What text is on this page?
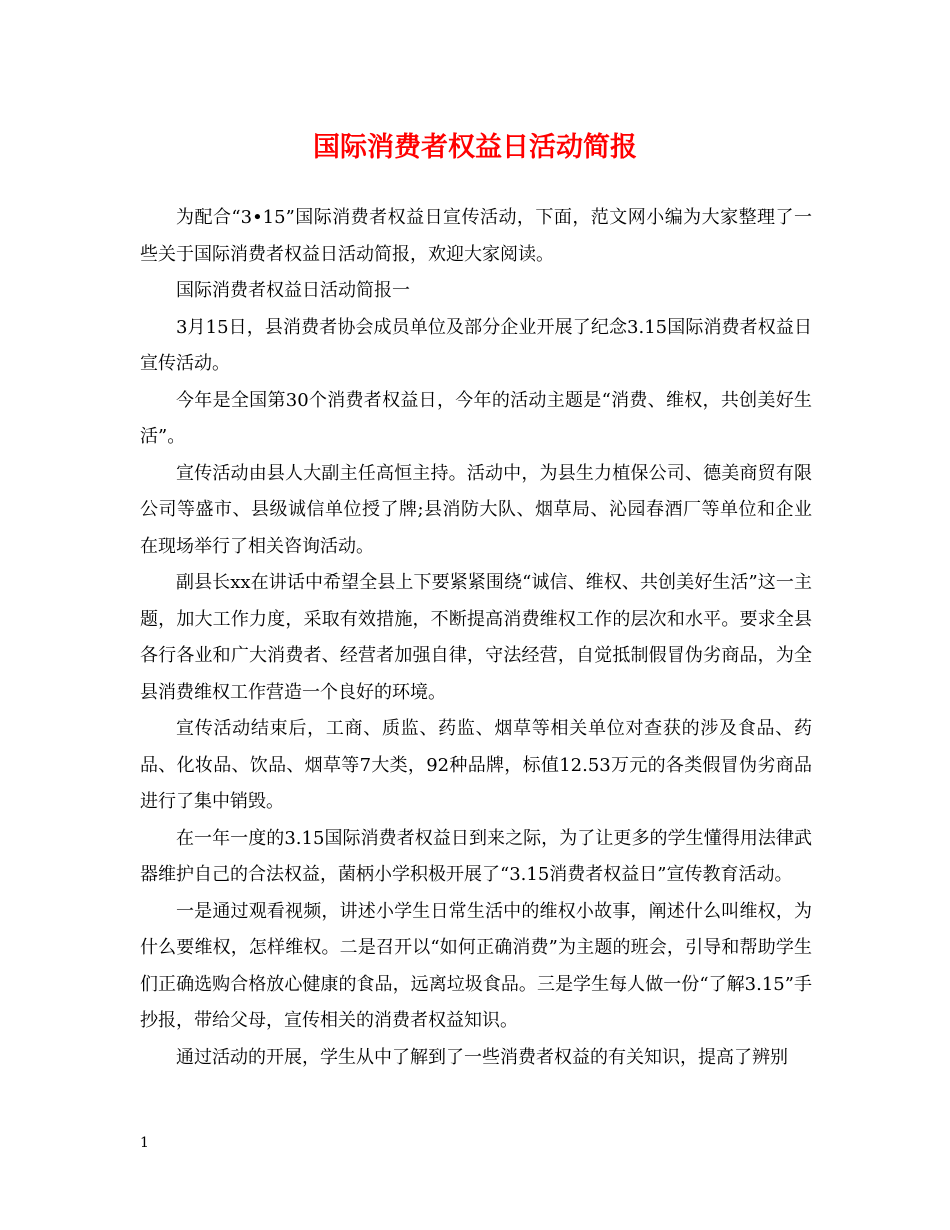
国际消费者权益日活动简报

为配合“3•15”国际消费者权益日宣传活动，下面，范文网小编为大家整理了一些关于国际消费者权益日活动简报，欢迎大家阅读。

国际消费者权益日活动简报一

3月15日，县消费者协会成员单位及部分企业开展了纪念3.15国际消费者权益日宣传活动。

今年是全国第30个消费者权益日，今年的活动主题是“消费、维权，共创美好生活”。

宣传活动由县人大副主任高恒主持。活动中，为县生力植保公司、德美商贸有限公司等盛市、县级诚信单位授了牌;县消防大队、烟草局、沁园春酒厂等单位和企业在现场举行了相关咨询活动。

副县长xx在讲话中希望全县上下要紧紧围绕“诚信、维权、共创美好生活”这一主题，加大工作力度，采取有效措施，不断提高消费维权工作的层次和水平。要求全县各行各业和广大消费者、经营者加强自律，守法经营，自觉抵制假冒伪劣商品，为全县消费维权工作营造一个良好的环境。

宣传活动结束后，工商、质监、药监、烟草等相关单位对查获的涉及食品、药品、化妆品、饮品、烟草等7大类，92种品牌，标值12.53万元的各类假冒伪劣商品进行了集中销毁。

在一年一度的3.15国际消费者权益日到来之际，为了让更多的学生懂得用法律武器维护自己的合法权益，菌柄小学积极开展了“3.15消费者权益日”宣传教育活动。

一是通过观看视频，讲述小学生日常生活中的维权小故事，阐述什么叫维权，为什么要维权，怎样维权。二是召开以“如何正确消费”为主题的班会，引导和帮助学生们正确选购合格放心健康的食品，远离垃圾食品。三是学生每人做一份“了解3.15”手抄报，带给父母，宣传相关的消费者权益知识。

通过活动的开展，学生从中了解到了一些消费者权益的有关知识，提高了辨别

1
